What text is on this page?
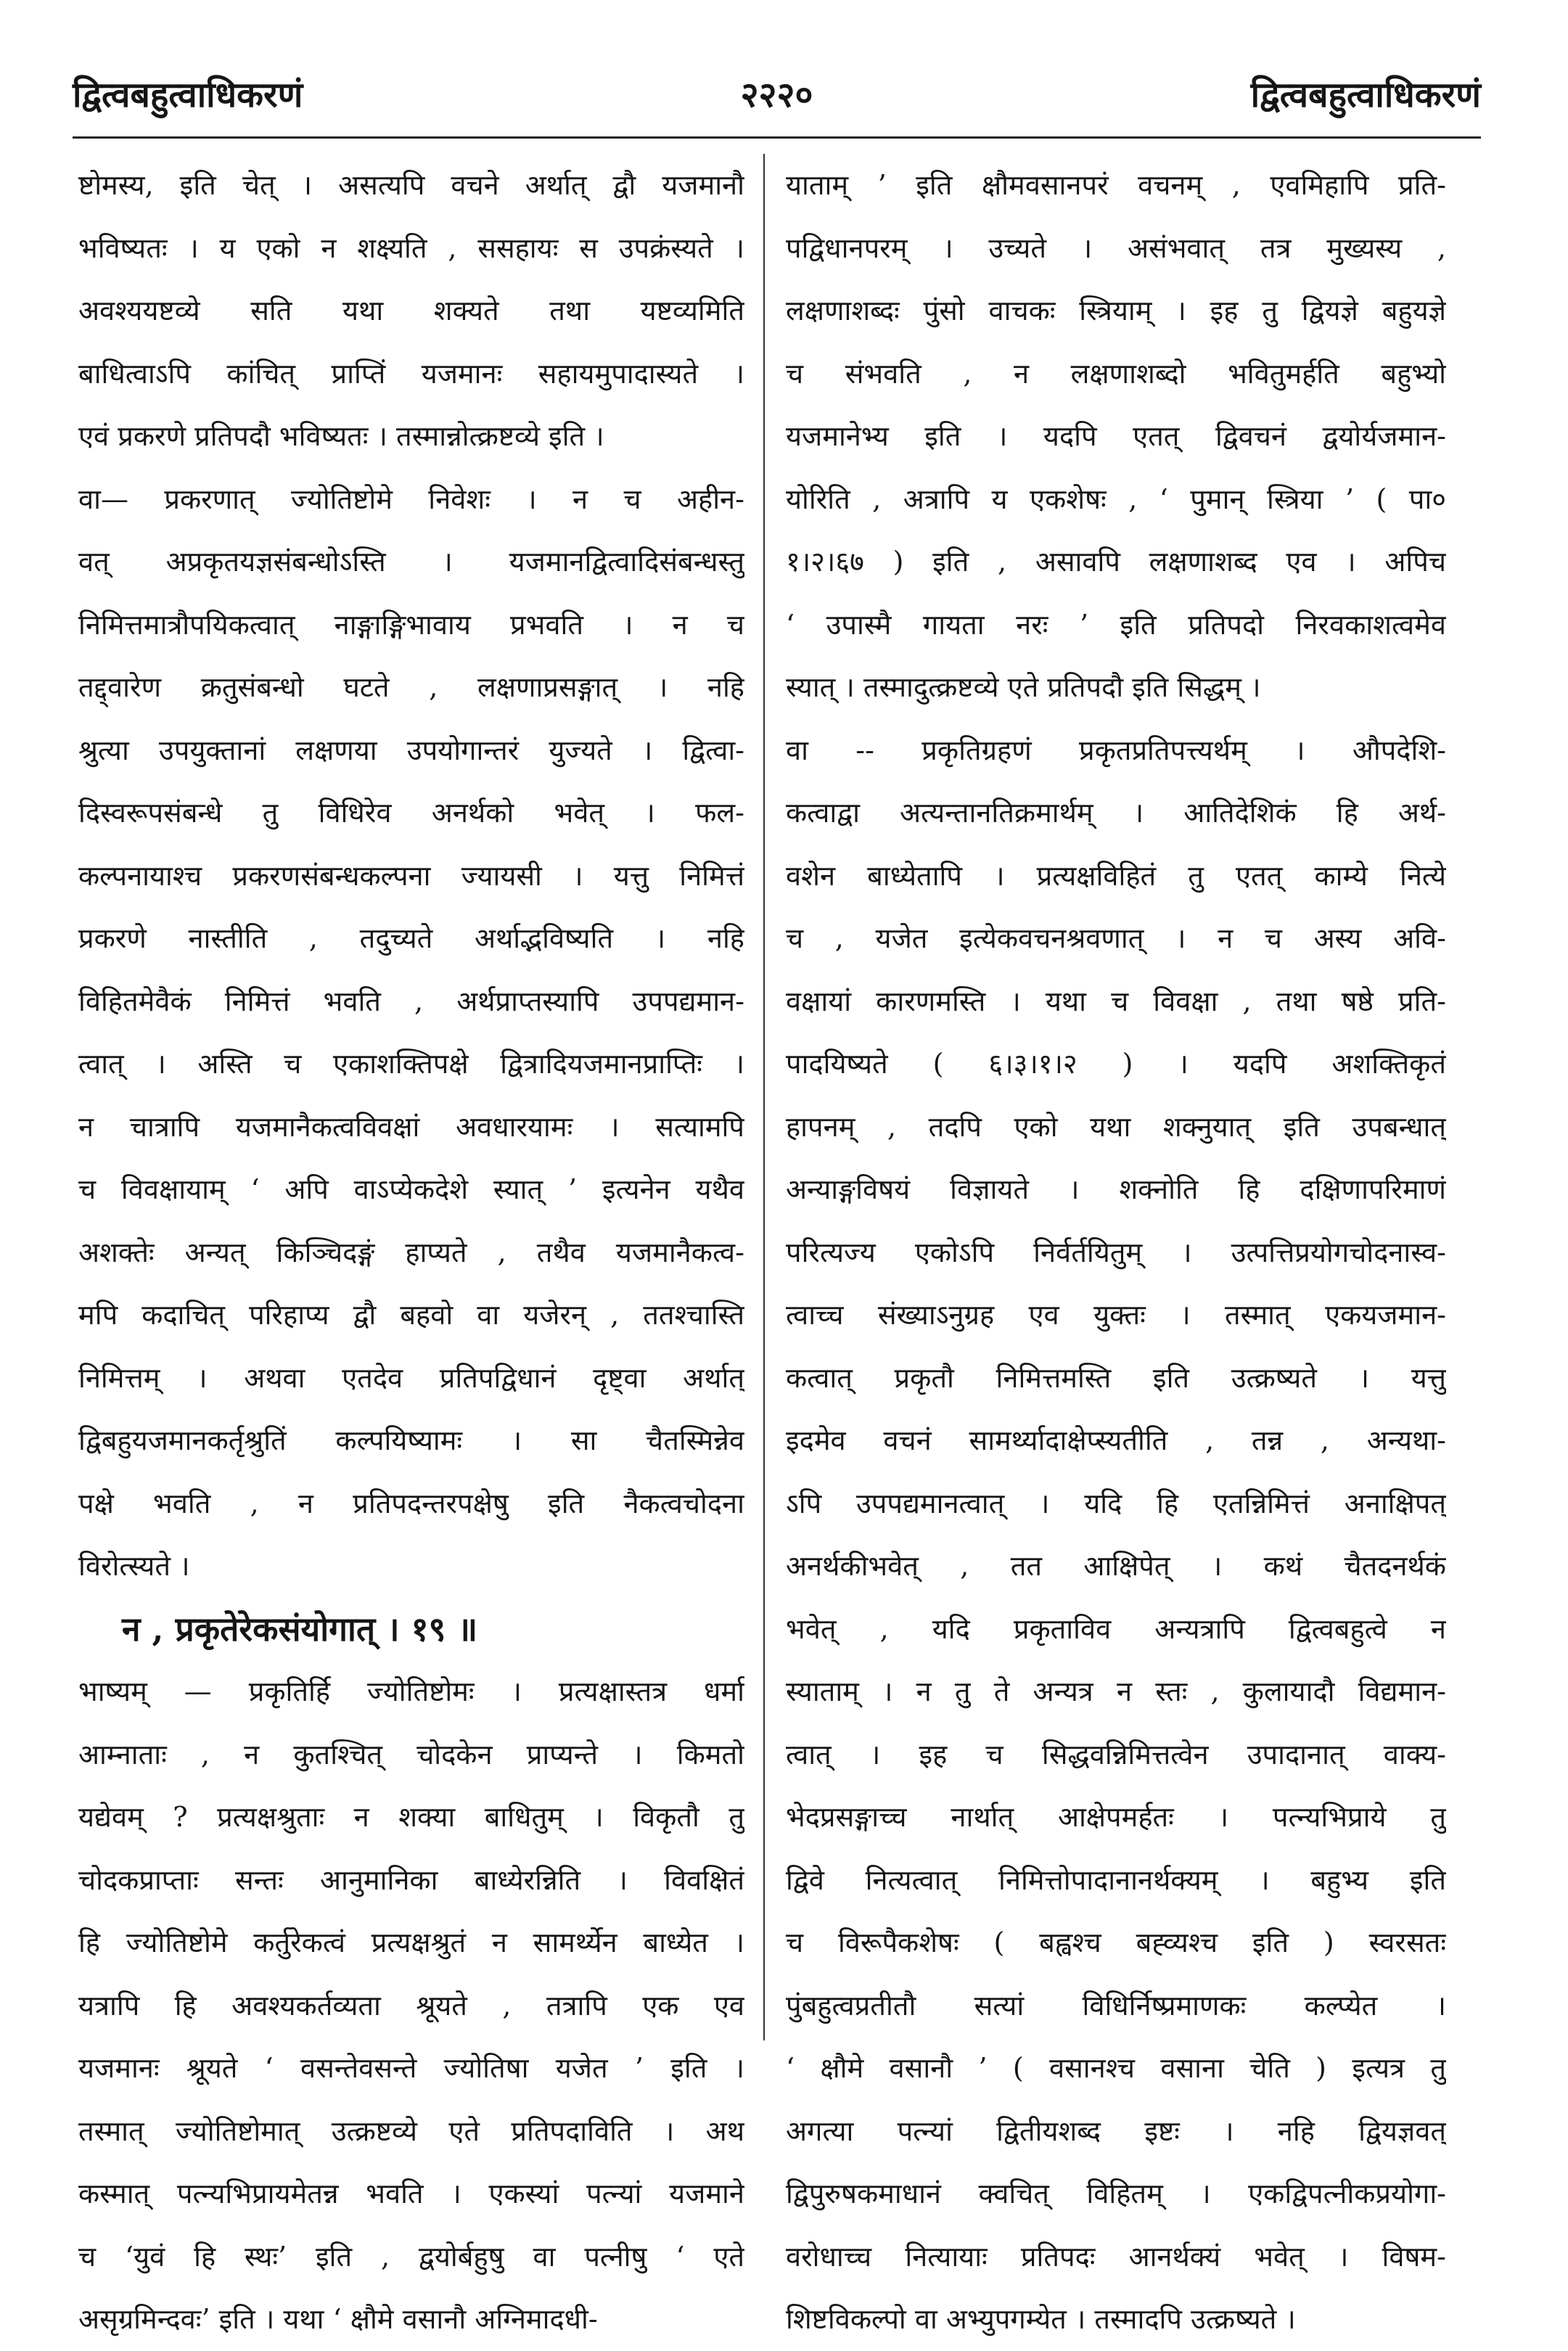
द्वित्वबहुत्वाधिकरणं	२२२०	द्वित्वबहुत्वाधिकरणं
ष्टोमस्य, इति चेत् । असत्यपि वचने अर्थात् द्वौ यजमानौ
भविष्यतः । य एको न शक्ष्यति , ससहायः स उपक्रंस्यते ।
अवश्ययष्टव्ये सति यथा शक्यते तथा यष्टव्यमिति
बाधित्वाऽपि कांचित् प्राप्तिं यजमानः सहायमुपादास्यते ।
एवं प्रकरणे प्रतिपदौ भविष्यतः । तस्मान्नोत्क्रष्टव्ये इति ।
वा— प्रकरणात् ज्योतिष्टोमे निवेशः । न च अहीन-
वत् अप्रकृतयज्ञसंबन्धोऽस्ति । यजमानद्वित्वादिसंबन्धस्तु
निमित्तमात्रौपयिकत्वात् नाङ्गाङ्गिभावाय प्रभवति । न च
तद्द्वारेण क्रतुसंबन्धो घटते , लक्षणाप्रसङ्गात् । नहि
श्रुत्या उपयुक्तानां लक्षणया उपयोगान्तरं युज्यते । द्वित्वा-
दिस्वरूपसंबन्धे तु विधिरेव अनर्थको भवेत् । फल-
कल्पनायाश्च प्रकरणसंबन्धकल्पना ज्यायसी । यत्तु निमित्तं
प्रकरणे नास्तीति , तदुच्यते अर्थाद्भविष्यति । नहि
विहितमेवैकं निमित्तं भवति , अर्थप्राप्तस्यापि उपपद्यमान-
त्वात् । अस्ति च एकाशक्तिपक्षे द्वित्रादियजमानप्राप्तिः ।
न चात्रापि यजमानैकत्वविवक्षां अवधारयामः । सत्यामपि
च विवक्षायाम् ‘ अपि वाऽप्येकदेशे स्यात् ’ इत्यनेन यथैव
अशक्तेः अन्यत् किञ्चिदङ्गं हाप्यते , तथैव यजमानैकत्व-
मपि कदाचित् परिहाप्य द्वौ बहवो वा यजेरन् , ततश्चास्ति
निमित्तम् । अथवा एतदेव प्रतिपद्विधानं दृष्ट्वा अर्थात्
द्विबहुयजमानकर्तृश्रुतिं कल्पयिष्यामः । सा चैतस्मिन्नेव
पक्षे भवति , न प्रतिपदन्तरपक्षेषु इति नैकत्वचोदना
विरोत्स्यते ।
न , प्रकृतेरेकसंयोगात् । १९ ॥
भाष्यम् — प्रकृतिर्हि ज्योतिष्टोमः । प्रत्यक्षास्तत्र धर्मा
आम्नाताः , न कुतश्चित् चोदकेन प्राप्यन्ते । किमतो
यद्येवम् ? प्रत्यक्षश्रुताः न शक्या बाधितुम् । विकृतौ तु
चोदकप्राप्ताः सन्तः आनुमानिका बाध्येरन्निति । विवक्षितं
हि ज्योतिष्टोमे कर्तुरेकत्वं प्रत्यक्षश्रुतं न सामर्थ्येन बाध्येत ।
यत्रापि हि अवश्यकर्तव्यता श्रूयते , तत्रापि एक एव
यजमानः श्रूयते ‘ वसन्तेवसन्ते ज्योतिषा यजेत ’ इति ।
तस्मात् ज्योतिष्टोमात् उत्क्रष्टव्ये एते प्रतिपदाविति । अथ
कस्मात् पत्न्यभिप्रायमेतन्न भवति । एकस्यां पत्न्यां यजमाने
च ‘युवं हि स्थः’ इति , द्वयोर्बहुषु वा पत्नीषु ‘ एते
असृग्रमिन्दवः’ इति । यथा ‘ क्षौमे वसानौ अग्निमादधी-
याताम् ’ इति क्षौमवसानपरं वचनम् , एवमिहापि प्रति-
पद्विधानपरम् । उच्यते । असंभवात् तत्र मुख्यस्य ,
लक्षणाशब्दः पुंसो वाचकः स्त्रियाम् । इह तु द्वियज्ञे बहुयज्ञे
च संभवति , न लक्षणाशब्दो भवितुमर्हति बहुभ्यो
यजमानेभ्य इति । यदपि एतत् द्विवचनं द्वयोर्यजमान-
योरिति , अत्रापि य एकशेषः , ‘ पुमान् स्त्रिया ’ ( पा०
१।२।६७ ) इति , असावपि लक्षणाशब्द एव । अपिच
‘ उपास्मै गायता नरः ’ इति प्रतिपदो निरवकाशत्वमेव
स्यात् । तस्मादुत्क्रष्टव्ये एते प्रतिपदौ इति सिद्धम् ।
वा -- प्रकृतिग्रहणं प्रकृतप्रतिपत्त्यर्थम् । औपदेशि-
कत्वाद्वा अत्यन्तानतिक्रमार्थम् । आतिदेशिकं हि अर्थ-
वशेन बाध्येतापि । प्रत्यक्षविहितं तु एतत् काम्ये नित्ये
च , यजेत इत्येकवचनश्रवणात् । न च अस्य अवि-
वक्षायां कारणमस्ति । यथा च विवक्षा , तथा षष्ठे प्रति-
पादयिष्यते ( ६।३।१।२ ) । यदपि अशक्तिकृतं
हापनम् , तदपि एको यथा शक्नुयात् इति उपबन्धात्
अन्याङ्गविषयं विज्ञायते । शक्नोति हि दक्षिणापरिमाणं
परित्यज्य एकोऽपि निर्वर्तयितुम् । उत्पत्तिप्रयोगचोदनास्व-
त्वाच्च संख्याऽनुग्रह एव युक्तः । तस्मात् एकयजमान-
कत्वात् प्रकृतौ निमित्तमस्ति इति उत्क्रष्यते । यत्तु
इदमेव वचनं सामर्थ्यादाक्षेप्स्यतीति , तन्न , अन्यथा-
ऽपि उपपद्यमानत्वात् । यदि हि एतन्निमित्तं अनाक्षिपत्
अनर्थकीभवेत् , तत आक्षिपेत् । कथं चैतदनर्थकं
भवेत् , यदि प्रकृताविव अन्यत्रापि द्वित्वबहुत्वे न
स्याताम् । न तु ते अन्यत्र न स्तः , कुलायादौ विद्यमान-
त्वात् । इह च सिद्धवन्निमित्तत्वेन उपादानात् वाक्य-
भेदप्रसङ्गाच्च नार्थात् आक्षेपमर्हतः । पत्न्यभिप्राये तु
द्विवे नित्यत्वात् निमित्तोपादानानर्थक्यम् । बहुभ्य इति
च विरूपैकशेषः ( बह्वश्च बह्व्यश्च इति ) स्वरसतः
पुंबहुत्वप्रतीतौ सत्यां विधिर्निष्प्रमाणकः कल्प्येत ।
‘ क्षौमे वसानौ ’ ( वसानश्च वसाना चेति ) इत्यत्र तु
अगत्या पत्न्यां द्वितीयशब्द इष्टः । नहि द्वियज्ञवत्
द्विपुरुषकमाधानं क्वचित् विहितम् । एकद्विपत्नीकप्रयोगा-
वरोधाच्च नित्यायाः प्रतिपदः आनर्थक्यं भवेत् । विषम-
शिष्टविकल्पो वा अभ्युपगम्येत । तस्मादपि उत्क्रष्यते ।
